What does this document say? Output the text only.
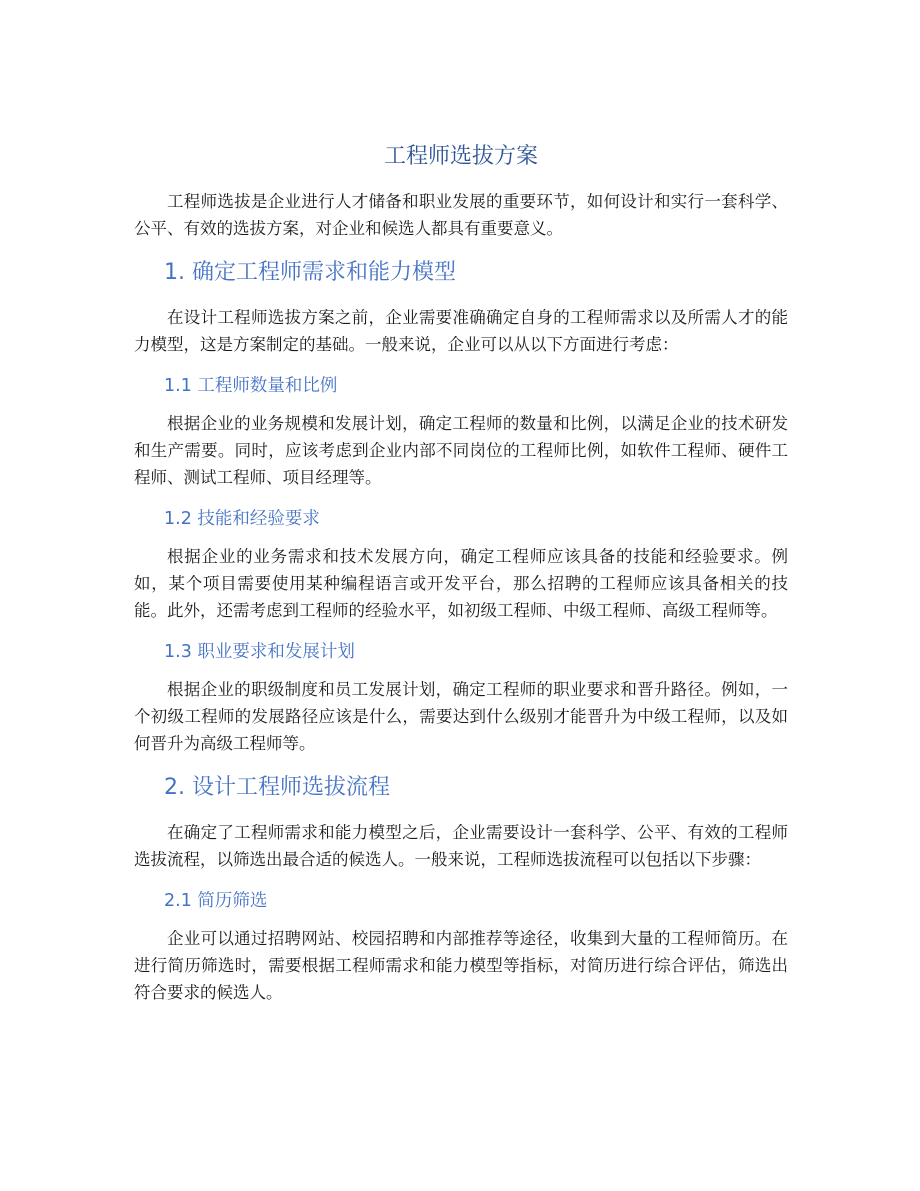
工程师选拔方案

工程师选拔是企业进行人才储备和职业发展的重要环节，如何设计和实行一套科学、公平、有效的选拔方案，对企业和候选人都具有重要意义。

1. 确定工程师需求和能力模型

在设计工程师选拔方案之前，企业需要准确确定自身的工程师需求以及所需人才的能力模型，这是方案制定的基础。一般来说，企业可以从以下方面进行考虑：

1.1 工程师数量和比例

根据企业的业务规模和发展计划，确定工程师的数量和比例，以满足企业的技术研发和生产需要。同时，应该考虑到企业内部不同岗位的工程师比例，如软件工程师、硬件工程师、测试工程师、项目经理等。

1.2 技能和经验要求

根据企业的业务需求和技术发展方向，确定工程师应该具备的技能和经验要求。例如，某个项目需要使用某种编程语言或开发平台，那么招聘的工程师应该具备相关的技能。此外，还需考虑到工程师的经验水平，如初级工程师、中级工程师、高级工程师等。

1.3 职业要求和发展计划

根据企业的职级制度和员工发展计划，确定工程师的职业要求和晋升路径。例如，一个初级工程师的发展路径应该是什么，需要达到什么级别才能晋升为中级工程师，以及如何晋升为高级工程师等。

2. 设计工程师选拔流程

在确定了工程师需求和能力模型之后，企业需要设计一套科学、公平、有效的工程师选拔流程，以筛选出最合适的候选人。一般来说，工程师选拔流程可以包括以下步骤：

2.1 简历筛选

企业可以通过招聘网站、校园招聘和内部推荐等途径，收集到大量的工程师简历。在进行简历筛选时，需要根据工程师需求和能力模型等指标，对简历进行综合评估，筛选出符合要求的候选人。
